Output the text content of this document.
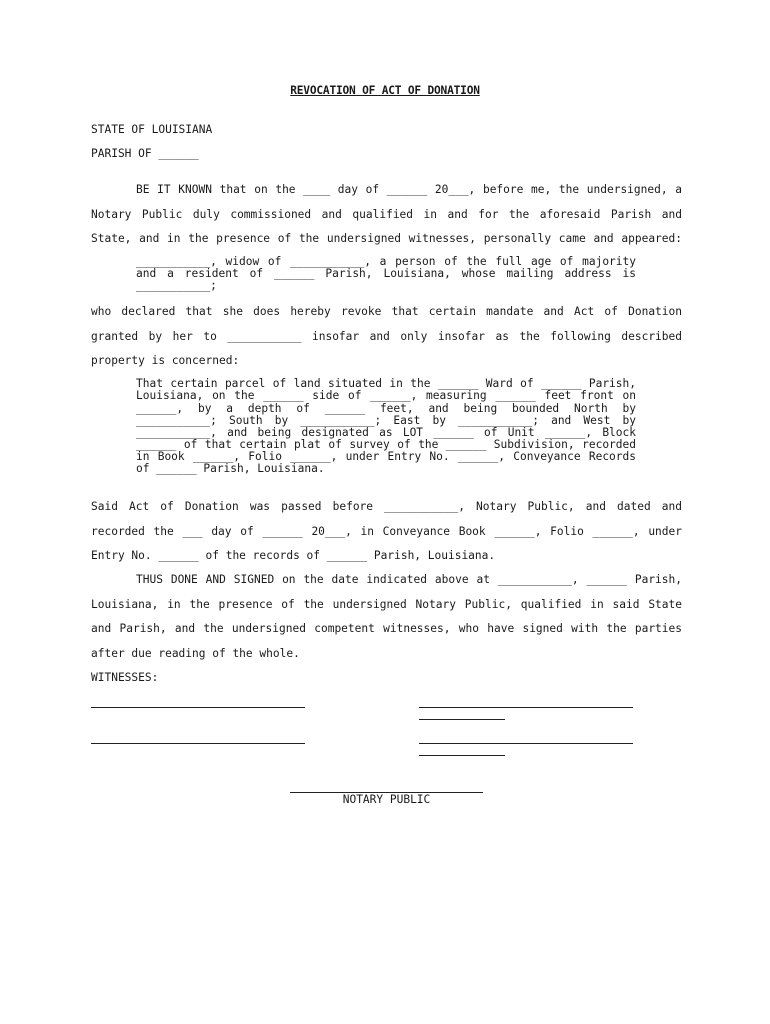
REVOCATION OF ACT OF DONATION
STATE OF LOUISIANA
PARISH OF ______
BE IT KNOWN that on the ____ day of ______ 20___, before me, the undersigned, a
Notary Public duly commissioned and qualified in and for the aforesaid Parish and
State, and in the presence of the undersigned witnesses, personally came and appeared:
___________, widow of ___________, a person of the full age of majority
and a resident of ______ Parish, Louisiana, whose mailing address is
___________;
who declared that she does hereby revoke that certain mandate and Act of Donation
granted by her to ___________ insofar and only insofar as the following described
property is concerned:
That certain parcel of land situated in the ______ Ward of ______ Parish,
Louisiana, on the ______ side of ______, measuring ______ feet front on
______, by a depth of ______ feet, and being bounded North by
___________; South by ___________; East by ___________; and West by
___________, and being designated as LOT ______ of Unit ______, Block
______ of that certain plat of survey of the ______ Subdivision, recorded
in Book ______, Folio ______, under Entry No. ______, Conveyance Records
of ______ Parish, Louisiana.
Said Act of Donation was passed before ___________, Notary Public, and dated and
recorded the ___ day of ______ 20___, in Conveyance Book ______, Folio ______, under
Entry No. ______ of the records of ______ Parish, Louisiana.
THUS DONE AND SIGNED on the date indicated above at ___________, ______ Parish,
Louisiana, in the presence of the undersigned Notary Public, qualified in said State
and Parish, and the undersigned competent witnesses, who have signed with the parties
after due reading of the whole.
WITNESSES:
NOTARY PUBLIC
